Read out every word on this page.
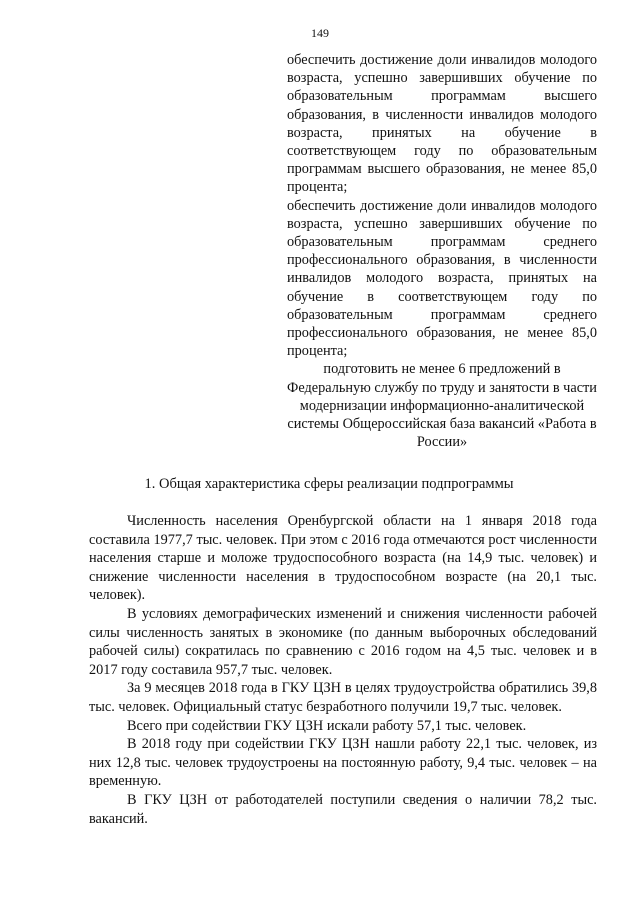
149

обеспечить достижение доли инвалидов молодого возраста, успешно завершивших обучение по образовательным программам высшего образования, в численности инвалидов молодого возраста, принятых на обучение в соответствующем году по образовательным программам высшего образования, не менее 85,0 процента;

обеспечить достижение доли инвалидов молодого возраста, успешно завершивших обучение по образовательным программам среднего профессионального образования, в численности инвалидов молодого возраста, принятых на обучение в соответствующем году по образовательным программам среднего профессионального образования, не менее 85,0 процента;

подготовить не менее 6 предложений в Федеральную службу по труду и занятости в части модернизации информационно-аналитической системы Общероссийская база вакансий «Работа в России»

1. Общая характеристика сферы реализации подпрограммы

Численность населения Оренбургской области на 1 января 2018 года составила 1977,7 тыс. человек. При этом с 2016 года отмечаются рост численности населения старше и моложе трудоспособного возраста (на 14,9 тыс. человек) и снижение численности населения в трудоспособном возрасте (на 20,1 тыс. человек).

В условиях демографических изменений и снижения численности рабочей силы численность занятых в экономике (по данным выборочных обследований рабочей силы) сократилась по сравнению с 2016 годом на 4,5 тыс. человек и в 2017 году составила 957,7 тыс. человек.

За 9 месяцев 2018 года в ГКУ ЦЗН в целях трудоустройства обратились 39,8 тыс. человек. Официальный статус безработного получили 19,7 тыс. человек.

Всего при содействии ГКУ ЦЗН искали работу 57,1 тыс. человек.

В 2018 году при содействии ГКУ ЦЗН нашли работу 22,1 тыс. человек, из них 12,8 тыс. человек трудоустроены на постоянную работу, 9,4 тыс. человек – на временную.

В ГКУ ЦЗН от работодателей поступили сведения о наличии 78,2 тыс. вакансий.
